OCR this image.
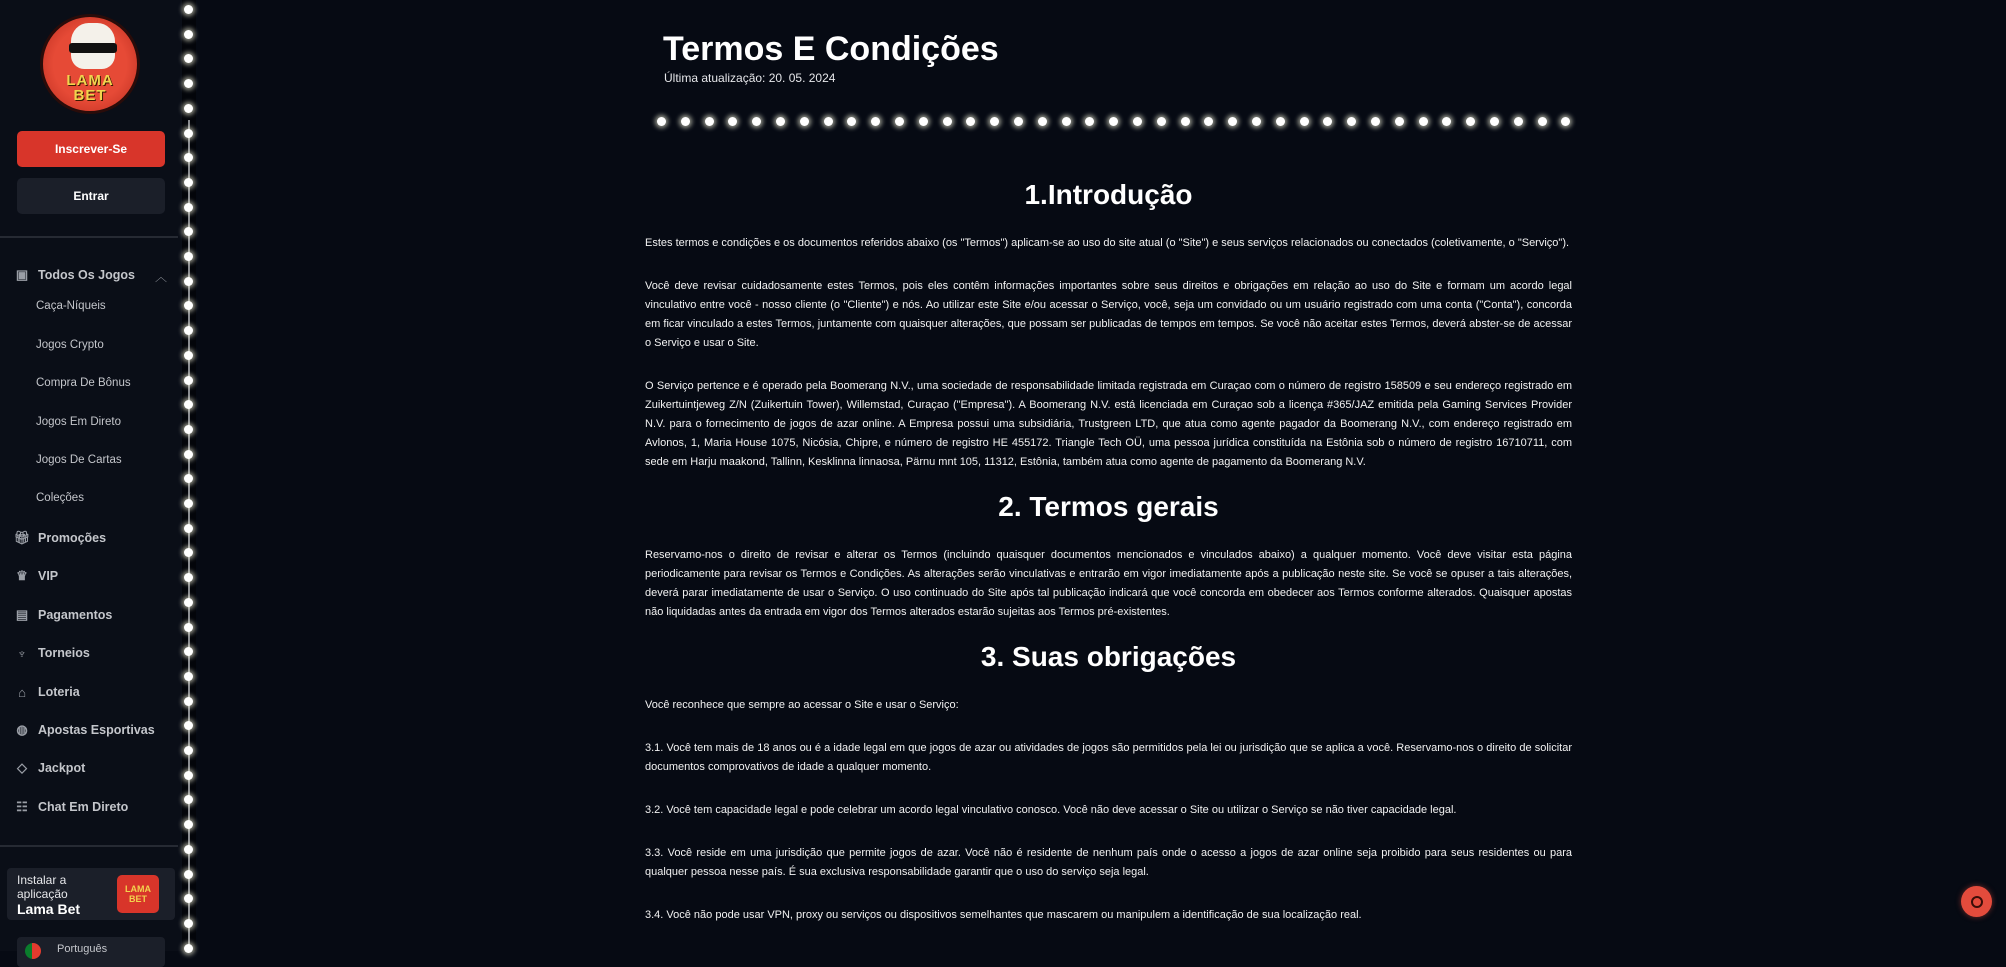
LAMA
BET
Inscrever-Se
Entrar
▣ Todos Os Jogos ︿
Caça-Níqueis
Jogos Crypto
Compra De Bônus
Jogos Em Direto
Jogos De Cartas
Coleções
🎁︎ Promoções
♛ VIP
▤ Pagamentos
♆ Torneios
⌂ Loteria
◍ Apostas Esportivas
◇ Jackpot
☷ Chat Em Direto
Instalar a aplicação
Lama Bet
LAMA
BET
Português
Termos E Condições
Última atualização: 20. 05. 2024
1.Introdução

Estes termos e condições e os documentos referidos abaixo (os "Termos") aplicam-se ao uso do site atual (o "Site") e seus serviços relacionados ou conectados (coletivamente, o "Serviço").

Você deve revisar cuidadosamente estes Termos, pois eles contêm informações importantes sobre seus direitos e obrigações em relação ao uso do Site e formam um acordo legal vinculativo entre você - nosso cliente (o "Cliente") e nós. Ao utilizar este Site e/ou acessar o Serviço, você, seja um convidado ou um usuário registrado com uma conta ("Conta"), concorda em ficar vinculado a estes Termos, juntamente com quaisquer alterações, que possam ser publicadas de tempos em tempos. Se você não aceitar estes Termos, deverá abster-se de acessar o Serviço e usar o Site.

O Serviço pertence e é operado pela Boomerang N.V., uma sociedade de responsabilidade limitada registrada em Curaçao com o número de registro 158509 e seu endereço registrado em Zuikertuintjeweg Z/N (Zuikertuin Tower), Willemstad, Curaçao ("Empresa"). A Boomerang N.V. está licenciada em Curaçao sob a licença #365/JAZ emitida pela Gaming Services Provider N.V. para o fornecimento de jogos de azar online. A Empresa possui uma subsidiária, Trustgreen LTD, que atua como agente pagador da Boomerang N.V., com endereço registrado em Avlonos, 1, Maria House 1075, Nicósia, Chipre, e número de registro HE 455172. Triangle Tech OÜ, uma pessoa jurídica constituída na Estônia sob o número de registro 16710711, com sede em Harju maakond, Tallinn, Kesklinna linnaosa, Pärnu mnt 105, 11312, Estônia, também atua como agente de pagamento da Boomerang N.V.

2. Termos gerais

Reservamo-nos o direito de revisar e alterar os Termos (incluindo quaisquer documentos mencionados e vinculados abaixo) a qualquer momento. Você deve visitar esta página periodicamente para revisar os Termos e Condições. As alterações serão vinculativas e entrarão em vigor imediatamente após a publicação neste site. Se você se opuser a tais alterações, deverá parar imediatamente de usar o Serviço. O uso continuado do Site após tal publicação indicará que você concorda em obedecer aos Termos conforme alterados. Quaisquer apostas não liquidadas antes da entrada em vigor dos Termos alterados estarão sujeitas aos Termos pré-existentes.

3. Suas obrigações

Você reconhece que sempre ao acessar o Site e usar o Serviço:

3.1. Você tem mais de 18 anos ou é a idade legal em que jogos de azar ou atividades de jogos são permitidos pela lei ou jurisdição que se aplica a você. Reservamo-nos o direito de solicitar documentos comprovativos de idade a qualquer momento.

3.2. Você tem capacidade legal e pode celebrar um acordo legal vinculativo conosco. Você não deve acessar o Site ou utilizar o Serviço se não tiver capacidade legal.

3.3. Você reside em uma jurisdição que permite jogos de azar. Você não é residente de nenhum país onde o acesso a jogos de azar online seja proibido para seus residentes ou para qualquer pessoa nesse país. É sua exclusiva responsabilidade garantir que o uso do serviço seja legal.

3.4. Você não pode usar VPN, proxy ou serviços ou dispositivos semelhantes que mascarem ou manipulem a identificação de sua localização real.
